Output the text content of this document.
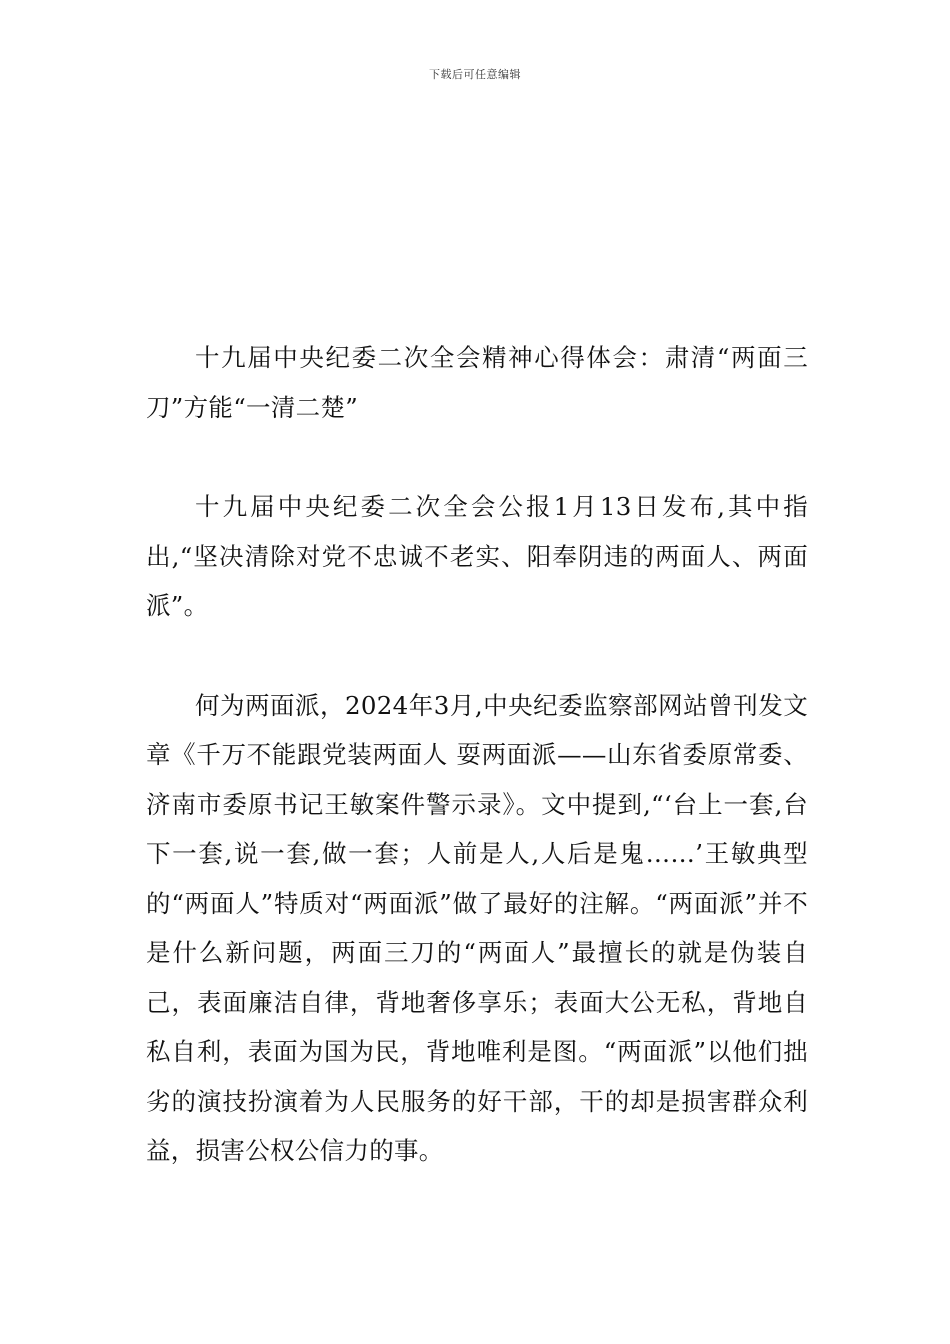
下载后可任意编辑

十九届中央纪委二次全会精神心得体会：肃清“两面三刀”方能“一清二楚”

十九届中央纪委二次全会公报1月13日发布,其中指出,“坚决清除对党不忠诚不老实、阳奉阴违的两面人、两面派”。

何为两面派，2024年3月,中央纪委监察部网站曾刊发文章《千万不能跟党装两面人 耍两面派——山东省委原常委、济南市委原书记王敏案件警示录》。文中提到,“‘台上一套,台下一套,说一套,做一套；人前是人,人后是鬼……’王敏典型的“两面人”特质对“两面派”做了最好的注解。“两面派”并不是什么新问题，两面三刀的“两面人”最擅长的就是伪装自己，表面廉洁自律，背地奢侈享乐；表面大公无私，背地自私自利，表面为国为民，背地唯利是图。“两面派”以他们拙劣的演技扮演着为人民服务的好干部，干的却是损害群众利益，损害公权公信力的事。
